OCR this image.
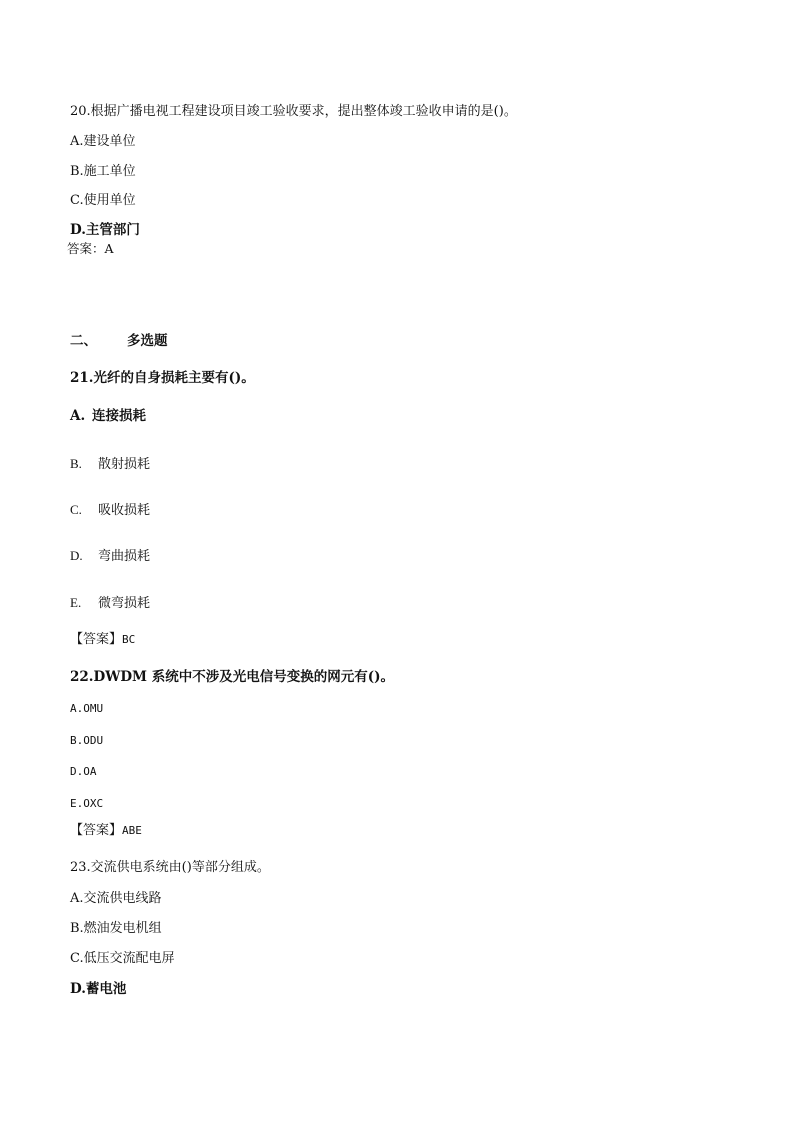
20.根据广播电视工程建设项目竣工验收要求，提出整体竣工验收申请的是()。
A.建设单位
B.施工单位
C.使用单位
D.主管部门
答案：A
二、 多选题
21.光纤的自身损耗主要有()。
A. 连接损耗
B. 散射损耗
C. 吸收损耗
D. 弯曲损耗
E. 微弯损耗
【答案】BC
22.DWDM 系统中不涉及光电信号变换的网元有()。
A.OMU
B.ODU
D.OA
E.OXC
【答案】ABE
23.交流供电系统由()等部分组成。
A.交流供电线路
B.燃油发电机组
C.低压交流配电屏
D.蓄电池
